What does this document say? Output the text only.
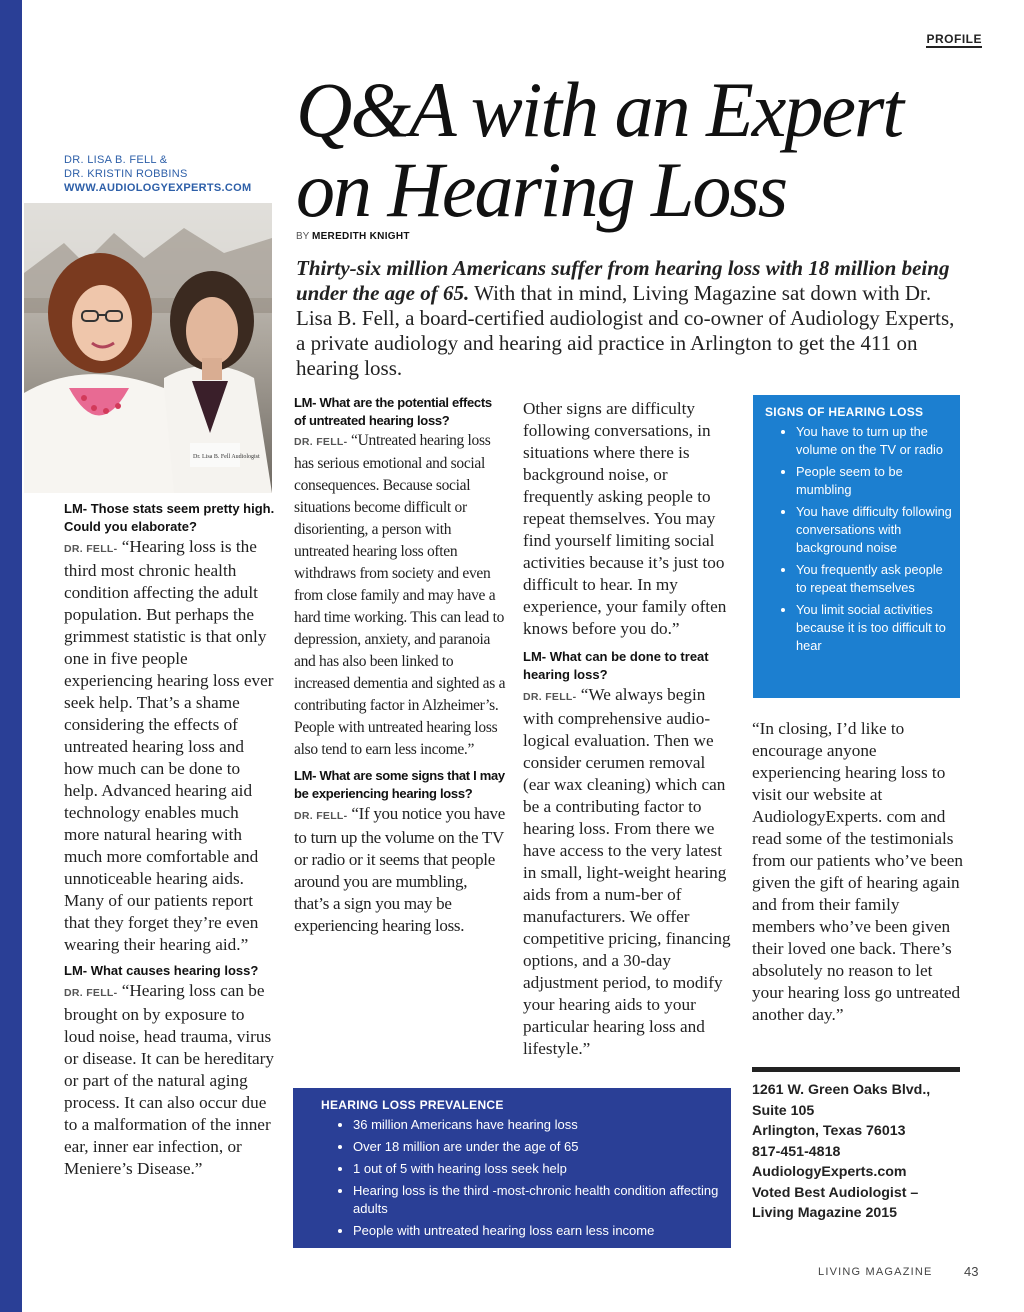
PROFILE
Q&A with an Expert
on Hearing Loss
BY MEREDITH KNIGHT
DR. LISA B. FELL &
DR. KRISTIN ROBBINS
WWW.AUDIOLOGYEXPERTS.COM
Dr. Lisa B. Fell Audiologist
Thirty-six million Americans suffer from hearing loss with 18 million being under the age of 65. With that in mind, Living Magazine sat down with Dr. Lisa B. Fell, a board-certified audiologist and co-owner of Audiology Experts, a private audiology and hearing aid practice in Arlington to get the 411 on hearing loss.

LM- Those stats seem pretty high. Could you elaborate?

DR. FELL- “Hearing loss is the third most chronic health condition affecting the adult population. But perhaps the grimmest statistic is that only one in five people experiencing hearing loss ever seek help. That’s a shame considering the effects of untreated hearing loss and how much can be done to help. Advanced hearing aid technology enables much more natural hearing with much more comfortable and unnoticeable hearing aids. Many of our patients report that they forget they’re even wearing their hearing aid.”

LM- What causes hearing loss?

DR. FELL- “Hearing loss can be brought on by exposure to loud noise, head trauma, virus or disease. It can be hereditary or part of the natural aging process. It can also occur due to a malformation of the inner ear, inner ear infection, or Meniere’s Disease.”

LM- What are the potential effects of untreated hearing loss?

DR. FELL- “Untreated hearing loss has serious emotional and social consequences. Because social situations become difficult or disorienting, a person with untreated hearing loss often withdraws from society and even from close family and may have a hard time working. This can lead to depression, anxiety, and paranoia and has also been linked to increased dementia and sighted as a contributing factor in Alzheimer’s. People with untreated hearing loss also tend to earn less income.”

LM- What are some signs that I may be experiencing hearing loss?

DR. FELL- “If you notice you have to turn up the volume on the TV or radio or it seems that people around you are mumbling, that’s a sign you may be experiencing hearing loss.

Other signs are difficulty following conversations, in situations where there is background noise, or frequently asking people to repeat themselves. You may find yourself limiting social activities because it’s just too difficult to hear. In my experience, your family often knows before you do.”

LM- What can be done to treat hearing loss?

DR. FELL- “We always begin with comprehensive audio-logical evaluation. Then we consider cerumen removal (ear wax cleaning) which can be a contributing factor to hearing loss. From there we have access to the very latest in small, light-weight hearing aids from a num-ber of manufacturers. We offer competitive pricing, financing options, and a 30-day adjustment period, to modify your hearing aids to your particular hearing loss and lifestyle.”

SIGNS OF HEARING LOSS
• You have to turn up the volume on the TV or radio
• People seem to be mumbling
• You have difficulty following conversations with background noise
• You frequently ask people to repeat themselves
• You limit social activities because it is too difficult to hear

“In closing, I’d like to encourage anyone experiencing hearing loss to visit our website at AudiologyExperts. com and read some of the testimonials from our patients who’ve been given the gift of hearing again and from their family members who’ve been given their loved one back. There’s absolutely no reason to let your hearing loss go untreated another day.”

1261 W. Green Oaks Blvd.,
Suite 105
Arlington, Texas 76013
817-451-4818
AudiologyExperts.com
Voted Best Audiologist –
Living Magazine 2015
HEARING LOSS PREVALENCE
• 36 million Americans have hearing loss
• Over 18 million are under the age of 65
• 1 out of 5 with hearing loss seek help
• Hearing loss is the third -most-chronic health condition affecting adults
• People with untreated hearing loss earn less income
LIVING MAGAZINE 43
